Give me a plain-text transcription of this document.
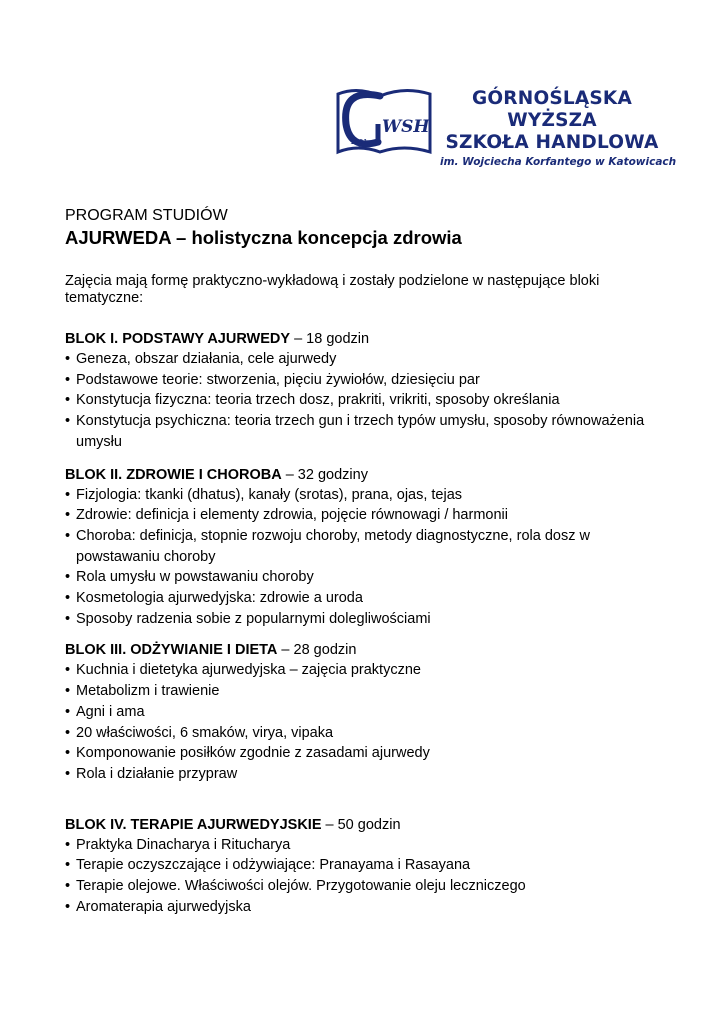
WSH
1991
GÓRNOŚLĄSKA WYŻSZA
SZKOŁA HANDLOWA
im. Wojciecha Korfantego w Katowicach
PROGRAM STUDIÓW
AJURWEDA – holistyczna koncepcja zdrowia
Zajęcia mają formę praktyczno-wykładową i zostały podzielone w następujące bloki tematyczne:
BLOK I. PODSTAWY AJURWEDY – 18 godzin
• Geneza, obszar działania, cele ajurwedy
• Podstawowe teorie: stworzenia, pięciu żywiołów, dziesięciu par
• Konstytucja fizyczna: teoria trzech dosz, prakriti, vrikriti, sposoby określania
• Konstytucja psychiczna: teoria trzech gun i trzech typów umysłu, sposoby równoważenia umysłu
BLOK II. ZDROWIE I CHOROBA – 32 godziny
• Fizjologia: tkanki (dhatus), kanały (srotas), prana, ojas, tejas
• Zdrowie: definicja i elementy zdrowia, pojęcie równowagi / harmonii
• Choroba: definicja, stopnie rozwoju choroby, metody diagnostyczne, rola dosz w powstawaniu choroby
• Rola umysłu w powstawaniu choroby
• Kosmetologia ajurwedyjska: zdrowie a uroda
• Sposoby radzenia sobie z popularnymi dolegliwościami
BLOK III. ODŻYWIANIE I DIETA – 28 godzin
• Kuchnia i dietetyka ajurwedyjska – zajęcia praktyczne
• Metabolizm i trawienie
• Agni i ama
• 20 właściwości, 6 smaków, virya, vipaka
• Komponowanie posiłków zgodnie z zasadami ajurwedy
• Rola i działanie przypraw
BLOK IV. TERAPIE AJURWEDYJSKIE – 50 godzin
• Praktyka Dinacharya i Ritucharya
• Terapie oczyszczające i odżywiające: Pranayama i Rasayana
• Terapie olejowe. Właściwości olejów. Przygotowanie oleju leczniczego
• Aromaterapia ajurwedyjska
